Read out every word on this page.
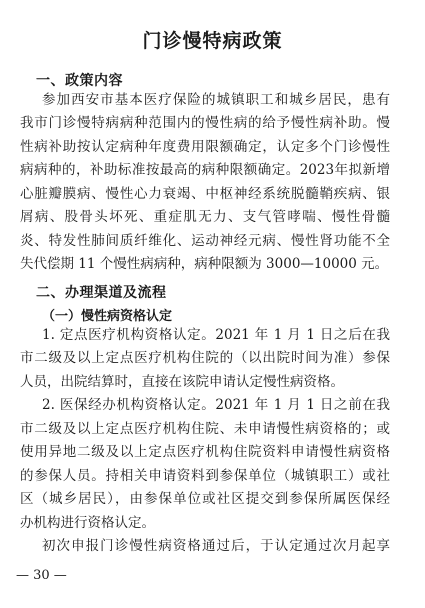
门诊慢特病政策
一、政策内容
参加西安市基本医疗保险的城镇职工和城乡居民，患有
我市门诊慢特病病种范围内的慢性病的给予慢性病补助。慢
性病补助按认定病种年度费用限额确定，认定多个门诊慢性
病病种的，补助标准按最高的病种限额确定。2023年拟新增
心脏瓣膜病、慢性心力衰竭、中枢神经系统脱髓鞘疾病、银
屑病、股骨头坏死、重症肌无力、支气管哮喘、慢性骨髓
炎、特发性肺间质纤维化、运动神经元病、慢性肾功能不全
失代偿期 11 个慢性病病种，病种限额为 3000—10000 元。
二、办理渠道及流程
（一）慢性病资格认定
1. 定点医疗机构资格认定。2021 年 1 月 1 日之后在我
市二级及以上定点医疗机构住院的（以出院时间为准）参保
人员，出院结算时，直接在该院申请认定慢性病资格。
2. 医保经办机构资格认定。2021 年 1 月 1 日之前在我
市二级及以上定点医疗机构住院、未申请慢性病资格的；或
使用异地二级及以上定点医疗机构住院资料申请慢性病资格
的参保人员。持相关申请资料到参保单位（城镇职工）或社
区（城乡居民），由参保单位或社区提交到参保所属医保经
办机构进行资格认定。
初次申报门诊慢性病资格通过后，于认定通过次月起享
— 30 —
